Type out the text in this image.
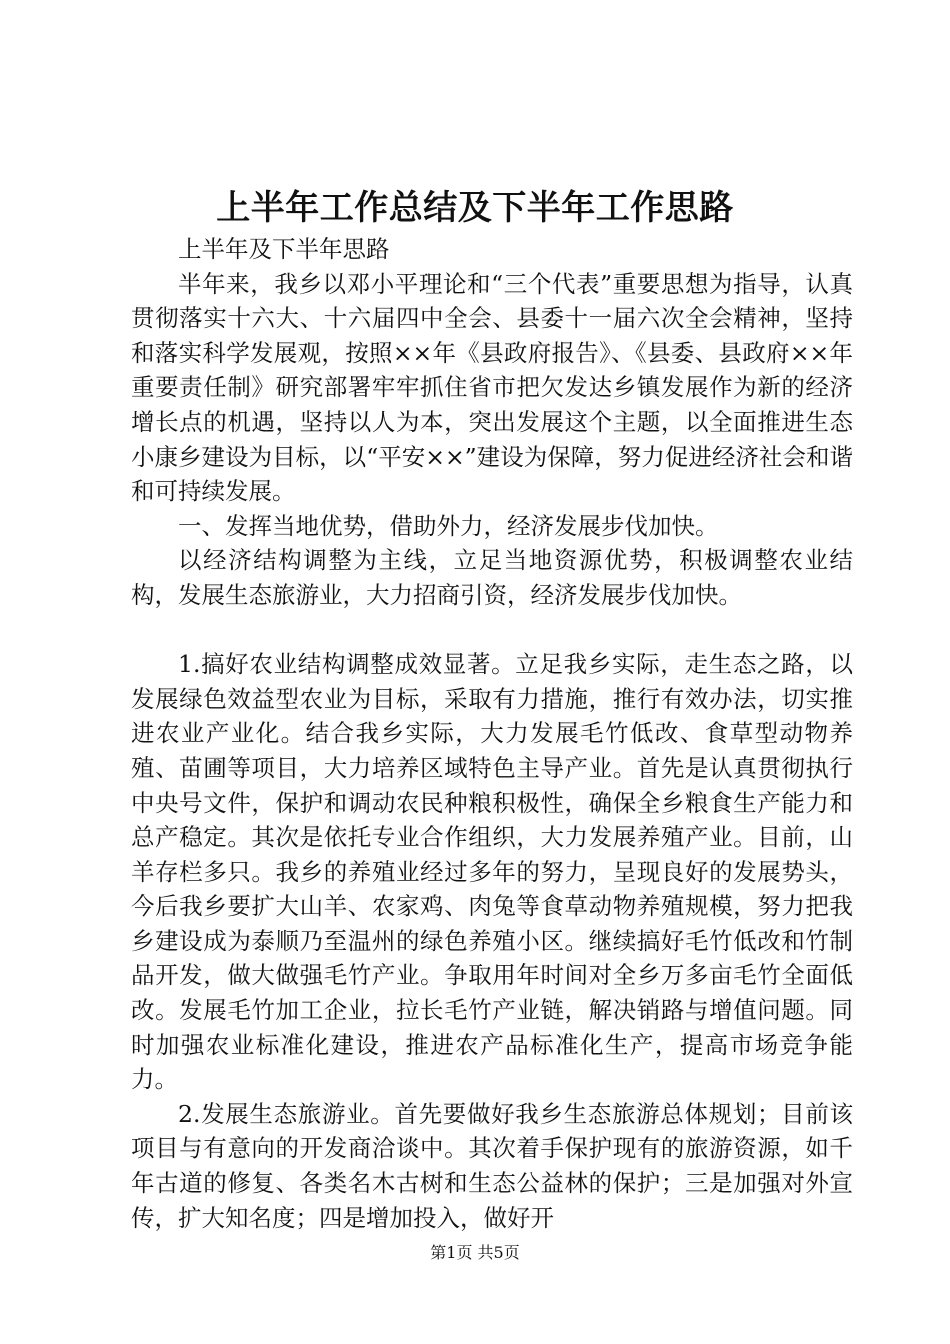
上半年工作总结及下半年工作思路

上半年及下半年思路

半年来，我乡以邓小平理论和“三个代表”重要思想为指导，认真贯彻落实十六大、十六届四中全会、县委十一届六次全会精神，坚持和落实科学发展观，按照××年《县政府报告》、《县委、县政府××年重要责任制》研究部署牢牢抓住省市把欠发达乡镇发展作为新的经济增长点的机遇，坚持以人为本，突出发展这个主题，以全面推进生态小康乡建设为目标，以“平安××”建设为保障，努力促进经济社会和谐和可持续发展。

一、发挥当地优势，借助外力，经济发展步伐加快。

以经济结构调整为主线，立足当地资源优势，积极调整农业结构，发展生态旅游业，大力招商引资，经济发展步伐加快。

1.搞好农业结构调整成效显著。立足我乡实际，走生态之路，以发展绿色效益型农业为目标，采取有力措施，推行有效办法，切实推进农业产业化。结合我乡实际，大力发展毛竹低改、食草型动物养殖、苗圃等项目，大力培养区域特色主导产业。首先是认真贯彻执行中央号文件，保护和调动农民种粮积极性，确保全乡粮食生产能力和总产稳定。其次是依托专业合作组织，大力发展养殖产业。目前，山羊存栏多只。我乡的养殖业经过多年的努力，呈现良好的发展势头，今后我乡要扩大山羊、农家鸡、肉兔等食草动物养殖规模，努力把我乡建设成为泰顺乃至温州的绿色养殖小区。继续搞好毛竹低改和竹制品开发，做大做强毛竹产业。争取用年时间对全乡万多亩毛竹全面低改。发展毛竹加工企业，拉长毛竹产业链，解决销路与增值问题。同时加强农业标准化建设，推进农产品标准化生产，提高市场竞争能力。

2.发展生态旅游业。首先要做好我乡生态旅游总体规划；目前该项目与有意向的开发商洽谈中。其次着手保护现有的旅游资源，如千年古道的修复、各类名木古树和生态公益林的保护；三是加强对外宣传，扩大知名度；四是增加投入，做好开

第1页 共5页
